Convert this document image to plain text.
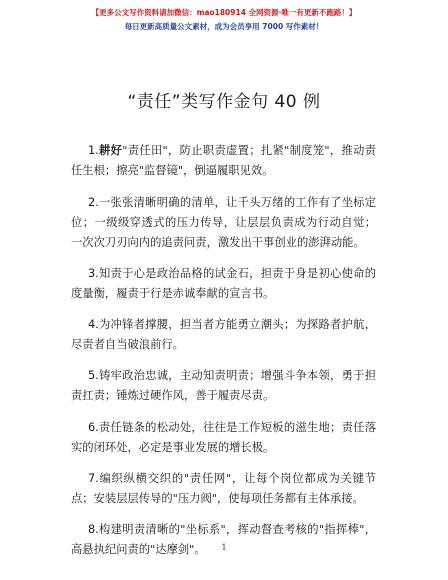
【更多公文写作资料请加微信：mao180914 全网资源·唯一有更新不跑路！】
每日更新高质量公文素材，成为会员享用 7000 写作素材！
“责任”类写作金句 40 例

1.耕好"责任田"，防止职责虚置；扎紧"制度笼"，推动责任生根；擦亮"监督镜"，倒逼履职见效。

2.一张张清晰明确的清单，让千头万绪的工作有了坐标定位；一级级穿透式的压力传导，让层层负责成为行动自觉；一次次刀刃向内的追责问责，激发出干事创业的澎湃动能。

3.知责于心是政治品格的试金石，担责于身是初心使命的度量衡，履责于行是赤诚奉献的宣言书。

4.为冲锋者撑腰，担当者方能勇立潮头；为探路者护航，尽责者自当破浪前行。

5.铸牢政治忠诚，主动知责明责；增强斗争本领，勇于担责扛责；锤炼过硬作风，善于履责尽责。

6.责任链条的松动处，往往是工作短板的滋生地；责任落实的闭环处，必定是事业发展的增长极。

7.编织纵横交织的"责任网"，让每个岗位都成为关键节点；安装层层传导的"压力阀"，使每项任务都有主体承接。

8.构建明责清晰的"坐标系"，挥动督查考核的"指挥棒"，高悬执纪问责的"达摩剑"。	1
